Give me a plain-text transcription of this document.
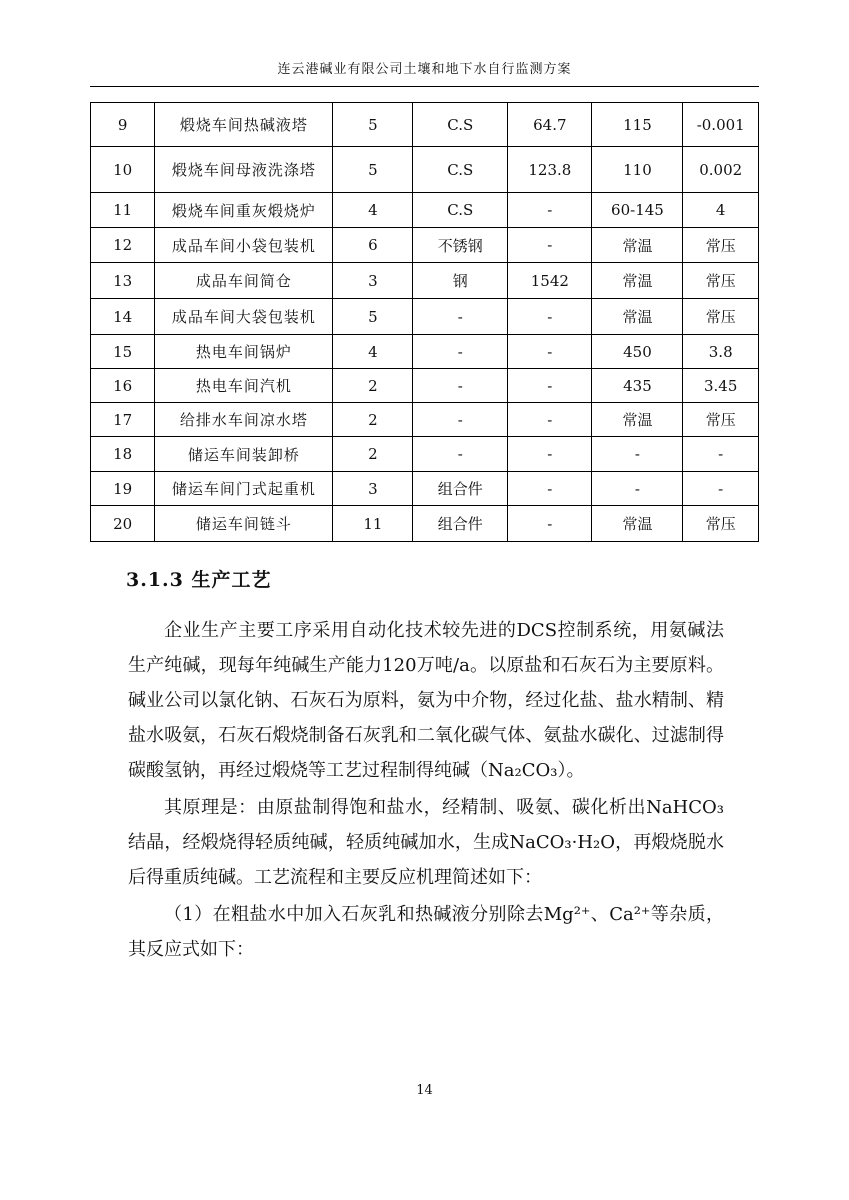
连云港碱业有限公司土壤和地下水自行监测方案
9	煅烧车间热碱液塔	5	C.S	64.7	115	-0.001
10	煅烧车间母液洗涤塔	5	C.S	123.8	110	0.002
11	煅烧车间重灰煅烧炉	4	C.S	-	60-145	4
12	成品车间小袋包装机	6	不锈钢	-	常温	常压
13	成品车间简仓	3	钢	1542	常温	常压
14	成品车间大袋包装机	5	-	-	常温	常压
15	热电车间锅炉	4	-	-	450	3.8
16	热电车间汽机	2	-	-	435	3.45
17	给排水车间凉水塔	2	-	-	常温	常压
18	储运车间装卸桥	2	-	-	-	-
19	储运车间门式起重机	3	组合件	-	-	-
20	储运车间链斗	11	组合件	-	常温	常压
3.1.3 生产工艺

企业生产主要工序采用自动化技术较先进的DCS控制系统，用氨碱法生产纯碱，现每年纯碱生产能力120万吨/a。以原盐和石灰石为主要原料。碱业公司以氯化钠、石灰石为原料，氨为中介物，经过化盐、盐水精制、精盐水吸氨，石灰石煅烧制备石灰乳和二氧化碳气体、氨盐水碳化、过滤制得碳酸氢钠，再经过煅烧等工艺过程制得纯碱（Na₂CO₃）。

其原理是：由原盐制得饱和盐水，经精制、吸氨、碳化析出NaHCO₃结晶，经煅烧得轻质纯碱，轻质纯碱加水，生成NaCO₃·H₂O，再煅烧脱水后得重质纯碱。工艺流程和主要反应机理简述如下：

（1）在粗盐水中加入石灰乳和热碱液分别除去Mg²⁺、Ca²⁺等杂质，其反应式如下：

14
